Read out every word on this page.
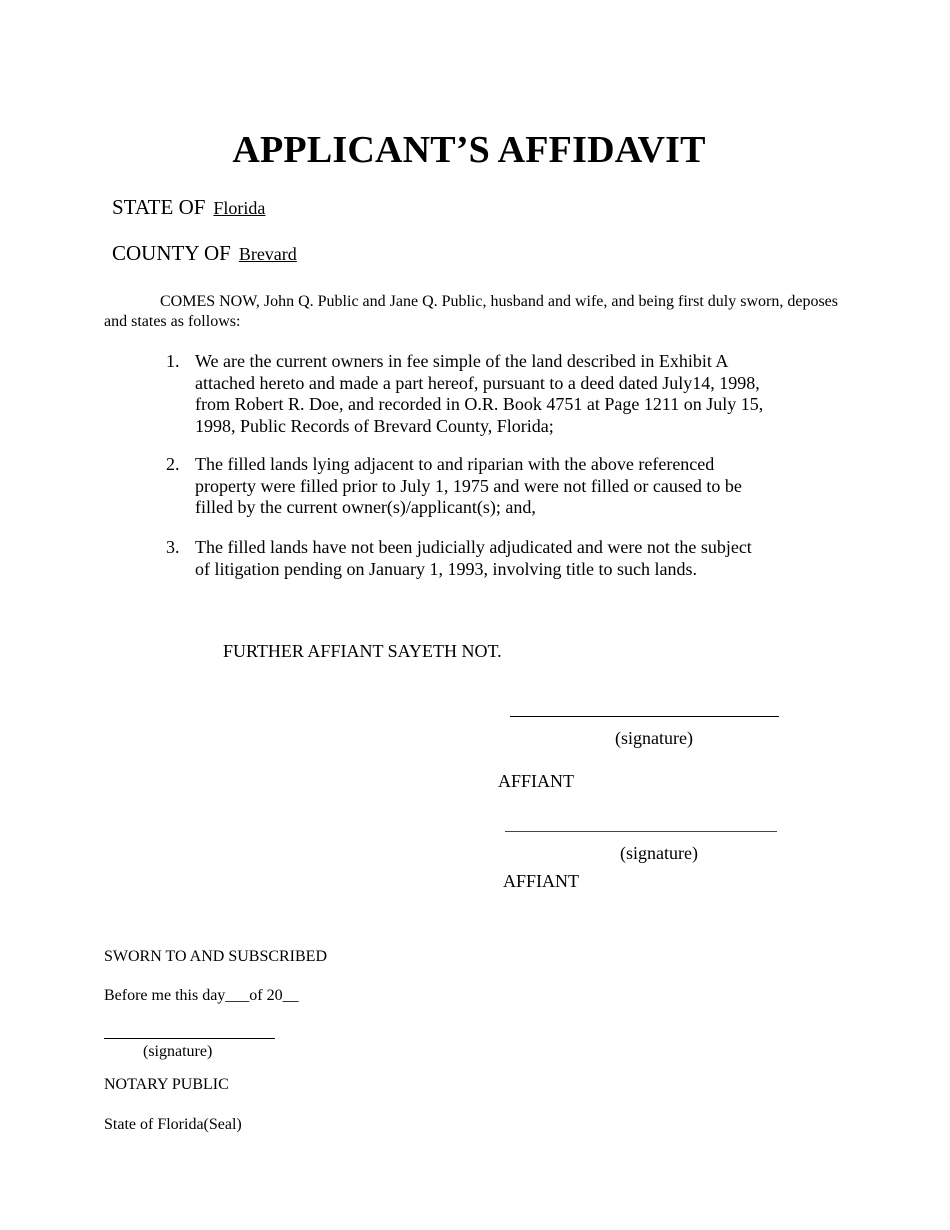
APPLICANT’S AFFIDAVIT
STATE OF Florida
COUNTY OF Brevard
COMES NOW, John Q. Public and Jane Q. Public, husband and wife, and being first duly sworn, deposes and states as follows:
1. We are the current owners in fee simple of the land described in Exhibit A attached hereto and made a part hereof, pursuant to a deed dated July14, 1998, from Robert R. Doe, and recorded in O.R. Book 4751 at Page 1211 on July 15, 1998, Public Records of Brevard County, Florida;
2. The filled lands lying adjacent to and riparian with the above referenced property were filled prior to July 1, 1975 and were not filled or caused to be filled by the current owner(s)/applicant(s); and,
3. The filled lands have not been judicially adjudicated and were not the subject of litigation pending on January 1, 1993, involving title to such lands.
FURTHER AFFIANT SAYETH NOT.
(signature)
AFFIANT
(signature)
AFFIANT
SWORN TO AND SUBSCRIBED
Before me this day___of 20__
(signature)
NOTARY PUBLIC
State of Florida(Seal)
